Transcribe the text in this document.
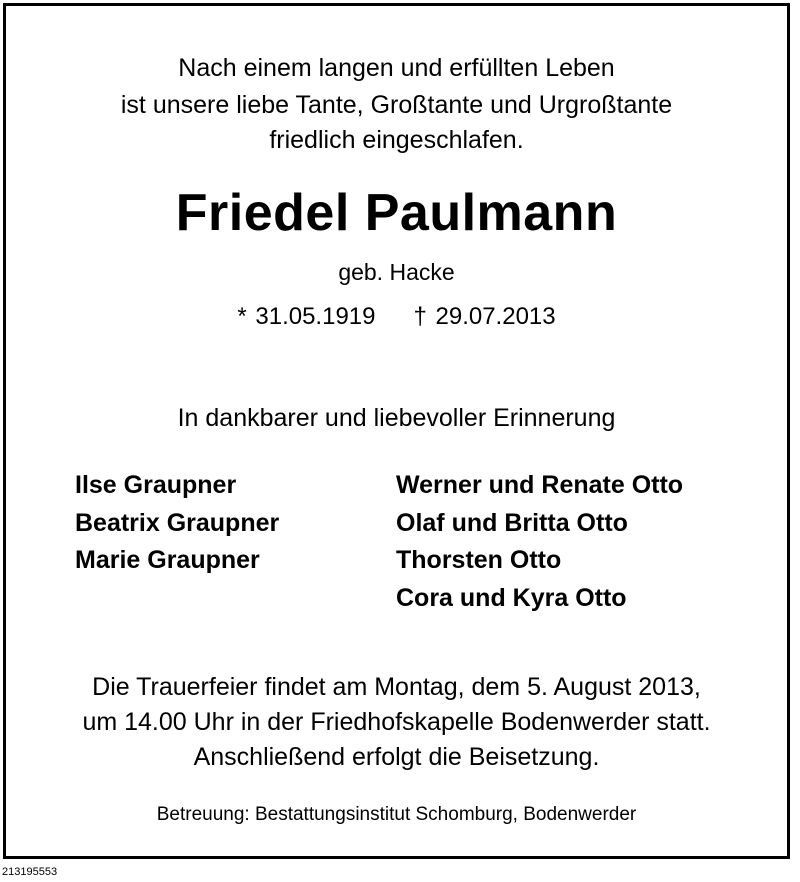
Nach einem langen und erfüllten Leben
ist unsere liebe Tante, Großtante und Urgroßtante
friedlich eingeschlafen.
Friedel Paulmann
geb. Hacke
* 31.05.1919 † 29.07.2013
In dankbarer und liebevoller Erinnerung
Ilse Graupner
Beatrix Graupner
Marie Graupner
Werner und Renate Otto
Olaf und Britta Otto
Thorsten Otto
Cora und Kyra Otto
Die Trauerfeier findet am Montag, dem 5. August 2013,
um 14.00 Uhr in der Friedhofskapelle Bodenwerder statt.
Anschließend erfolgt die Beisetzung.
Betreuung: Bestattungsinstitut Schomburg, Bodenwerder
213195553
